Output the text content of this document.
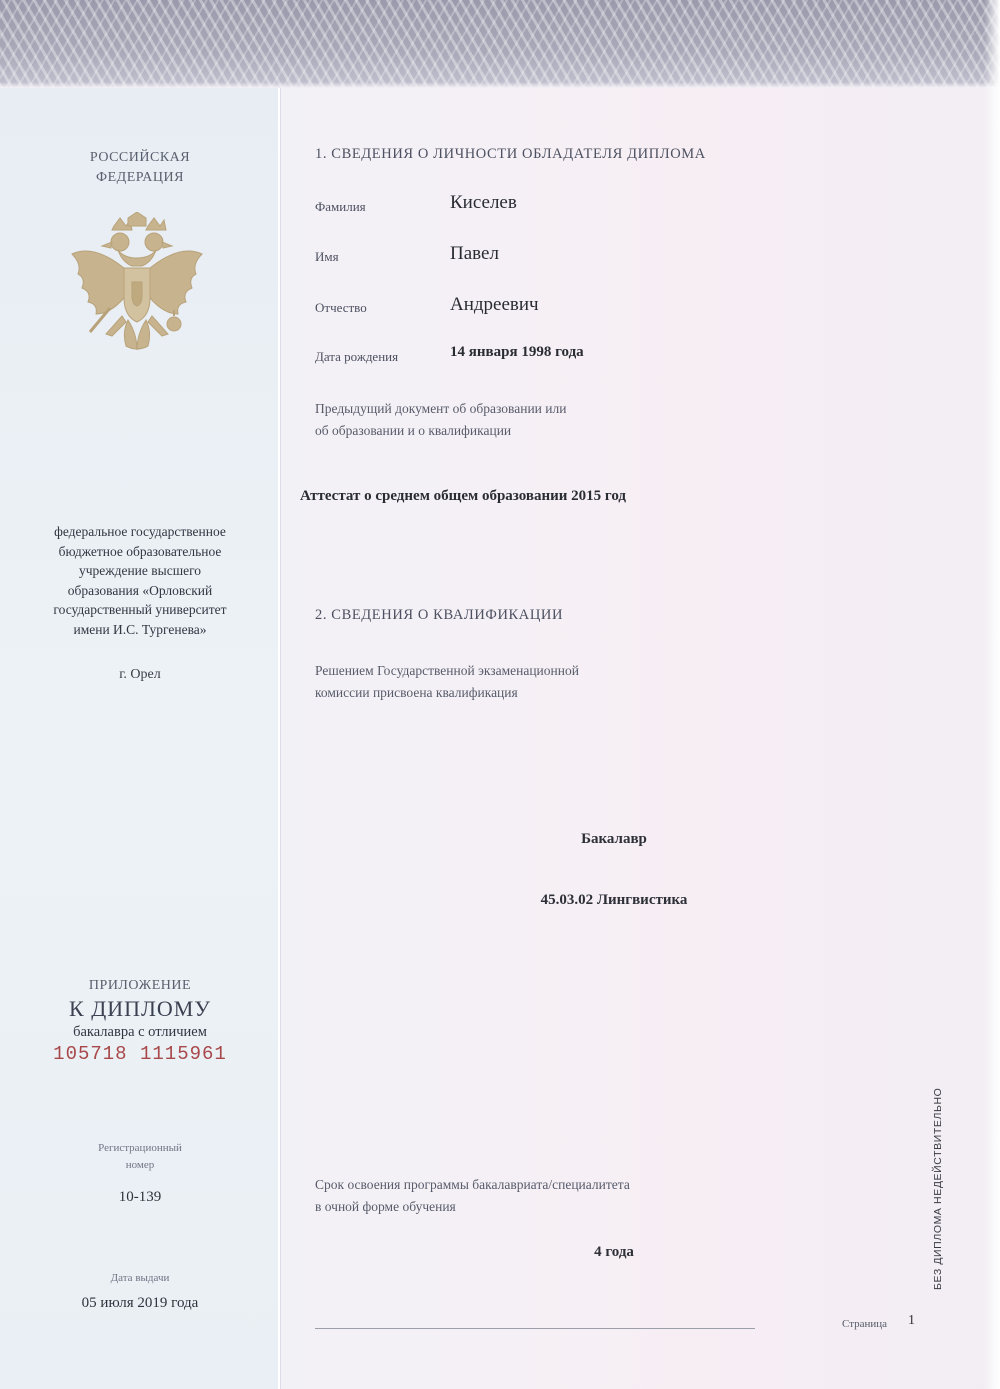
РОССИЙСКАЯ
ФЕДЕРАЦИЯ
федеральное государственное
бюджетное образовательное
учреждение высшего
образования «Орловский
государственный университет
имени И.С. Тургенева»
г. Орел
ПРИЛОЖЕНИЕ
К ДИПЛОМУ
бакалавра с отличием
105718 1115961
Регистрационный
номер
10-139
Дата выдачи
05 июля 2019 года
1. СВЕДЕНИЯ О ЛИЧНОСТИ ОБЛАДАТЕЛЯ ДИПЛОМА
Фамилия	Киселев
Имя	Павел
Отчество	Андреевич
Дата рождения	14 января 1998 года
Предыдущий документ об образовании или
об образовании и о квалификации
Аттестат о среднем общем образовании 2015 год
2. СВЕДЕНИЯ О КВАЛИФИКАЦИИ
Решением Государственной экзаменационной
комиссии присвоена квалификация
Бакалавр
45.03.02 Лингвистика
Срок освоения программы бакалавриата/специалитета
в очной форме обучения
4 года
Страница 1
БЕЗ ДИПЛОМА НЕДЕЙСТВИТЕЛЬНО
